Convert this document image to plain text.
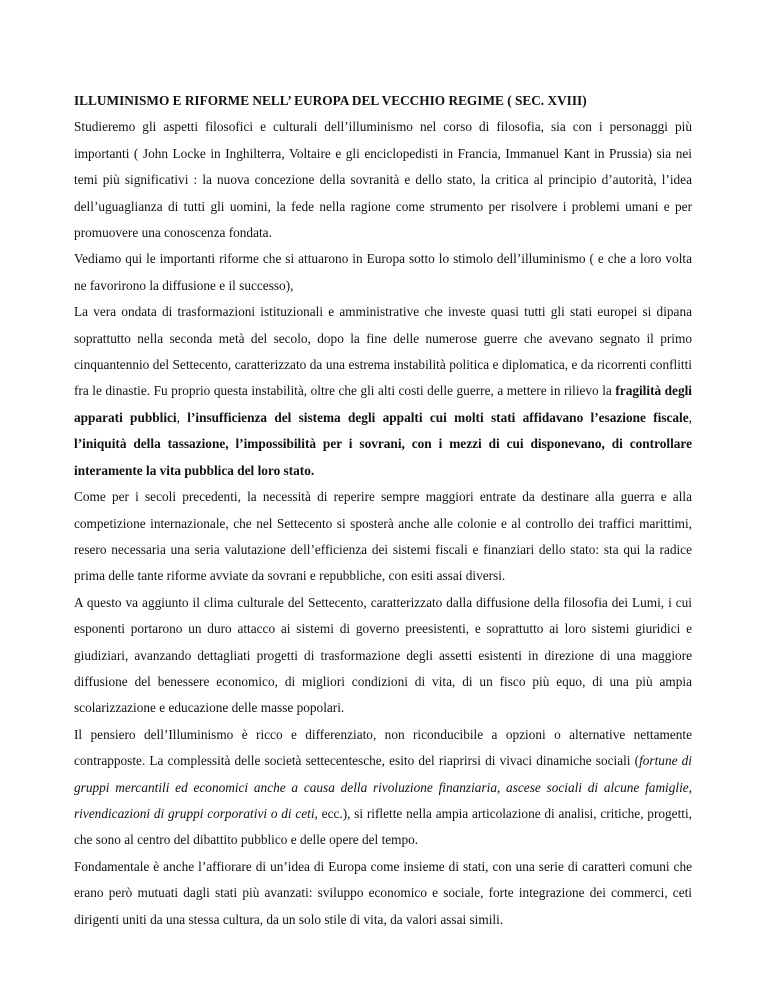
ILLUMINISMO E RIFORME NELL’ EUROPA DEL VECCHIO REGIME ( SEC. XVIII)

Studieremo gli aspetti filosofici e culturali dell’illuminismo nel corso di filosofia, sia con i personaggi più importanti ( John Locke in Inghilterra, Voltaire e gli enciclopedisti in Francia, Immanuel Kant in Prussia) sia nei temi più significativi : la nuova concezione della sovranità e dello stato, la critica al principio d’autorità, l’idea dell’uguaglianza di tutti gli uomini, la fede nella ragione come strumento per risolvere i problemi umani e per promuovere una conoscenza fondata.

Vediamo qui le importanti riforme che si attuarono in Europa sotto lo stimolo dell’illuminismo ( e che a loro volta ne favorirono la diffusione e il successo),

La vera ondata di trasformazioni istituzionali e amministrative che investe quasi tutti gli stati europei si dipana soprattutto nella seconda metà del secolo, dopo la fine delle numerose guerre che avevano segnato il primo cinquantennio del Settecento, caratterizzato da una estrema instabilità politica e diplomatica, e da ricorrenti conflitti fra le dinastie. Fu proprio questa instabilità, oltre che gli alti costi delle guerre, a mettere in rilievo la fragilità degli apparati pubblici, l’insufficienza del sistema degli appalti cui molti stati affidavano l’esazione fiscale, l’iniquità della tassazione, l’impossibilità per i sovrani, con i mezzi di cui disponevano, di controllare interamente la vita pubblica del loro stato.

Come per i secoli precedenti, la necessità di reperire sempre maggiori entrate da destinare alla guerra e alla competizione internazionale, che nel Settecento si sposterà anche alle colonie e al controllo dei traffici marittimi, resero necessaria una seria valutazione dell’efficienza dei sistemi fiscali e finanziari dello stato: sta qui la radice prima delle tante riforme avviate da sovrani e repubbliche, con esiti assai diversi.

A questo va aggiunto il clima culturale del Settecento, caratterizzato dalla diffusione della filosofia dei Lumi, i cui esponenti portarono un duro attacco ai sistemi di governo preesistenti, e soprattutto ai loro sistemi giuridici e giudiziari, avanzando dettagliati progetti di trasformazione degli assetti esistenti in direzione di una maggiore diffusione del benessere economico, di migliori condizioni di vita, di un fisco più equo, di una più ampia scolarizzazione e educazione delle masse popolari.

Il pensiero dell’Illuminismo è ricco e differenziato, non riconducibile a opzioni o alternative nettamente contrapposte. La complessità delle società settecentesche, esito del riaprirsi di vivaci dinamiche sociali (fortune di gruppi mercantili ed economici anche a causa della rivoluzione finanziaria, ascese sociali di alcune famiglie, rivendicazioni di gruppi corporativi o di ceti, ecc.), si riflette nella ampia articolazione di analisi, critiche, progetti, che sono al centro del dibattito pubblico e delle opere del tempo.

Fondamentale è anche l’affiorare di un’idea di Europa come insieme di stati, con una serie di caratteri comuni che erano però mutuati dagli stati più avanzati: sviluppo economico e sociale, forte integrazione dei commerci, ceti dirigenti uniti da una stessa cultura, da un solo stile di vita, da valori assai simili.
